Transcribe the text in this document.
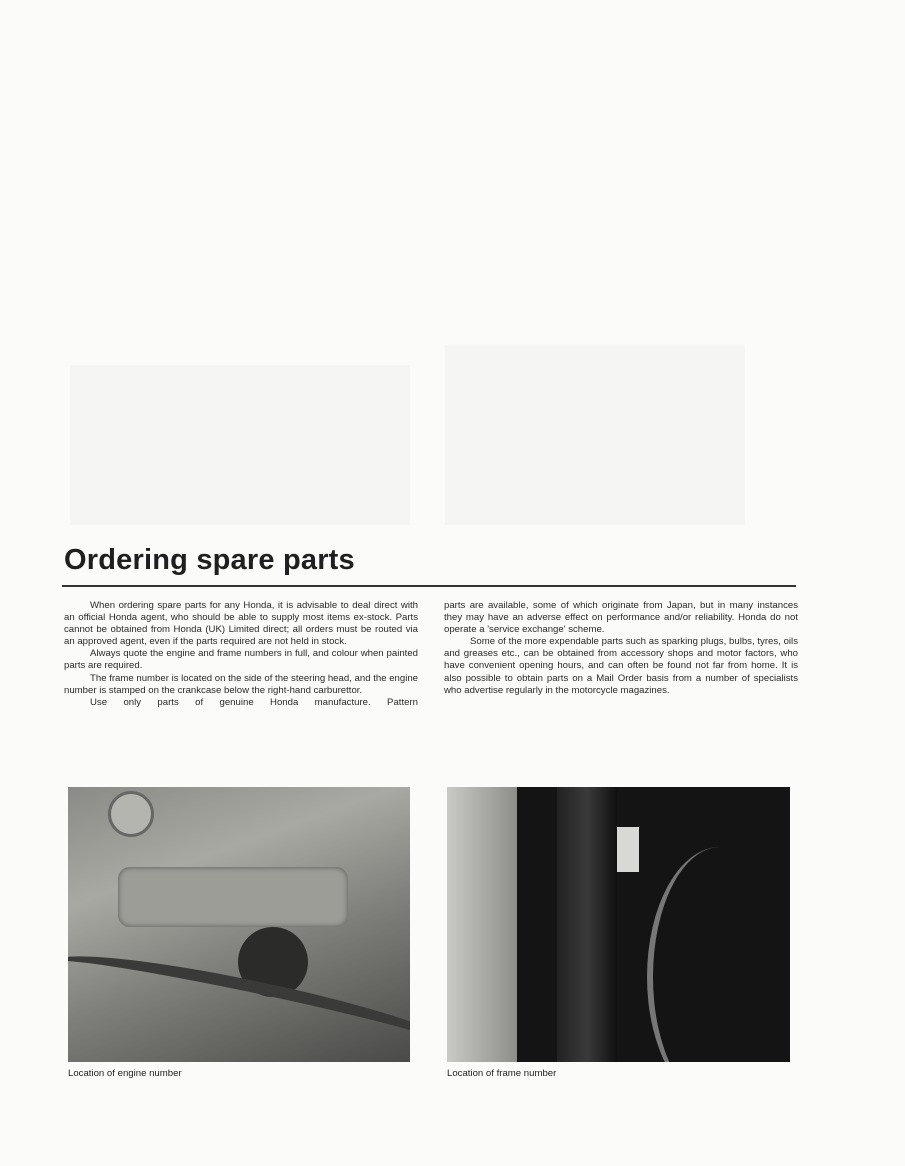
Ordering spare parts

When ordering spare parts for any Honda, it is advisable to deal direct with an official Honda agent, who should be able to supply most items ex-stock. Parts cannot be obtained from Honda (UK) Limited direct; all orders must be routed via an approved agent, even if the parts required are not held in stock.

Always quote the engine and frame numbers in full, and colour when painted parts are required.

The frame number is located on the side of the steering head, and the engine number is stamped on the crankcase below the right-hand carburettor.

Use only parts of genuine Honda manufacture. Pattern

parts are available, some of which originate from Japan, but in many instances they may have an adverse effect on performance and/or reliability. Honda do not operate a 'service exchange' scheme.

Some of the more expendable parts such as sparking plugs, bulbs, tyres, oils and greases etc., can be obtained from accessory shops and motor factors, who have convenient opening hours, and can often be found not far from home. It is also possible to obtain parts on a Mail Order basis from a number of specialists who advertise regularly in the motorcycle magazines.

Location of engine number	Location of frame number
